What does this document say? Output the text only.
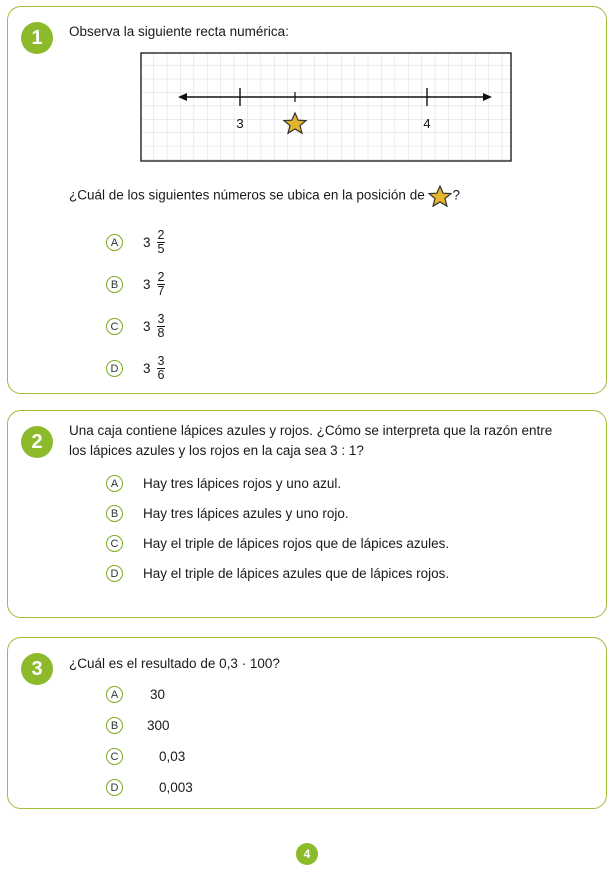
1	Observa la siguiente recta numérica:
3	4
¿Cuál de los siguientes números se ubica en la posición de ?
A	$3 \frac{2}{5}$
B	$3 \frac{2}{7}$
C	$3 \frac{3}{8}$
D	$3 \frac{3}{6}$
2	Una caja contiene lápices azules y rojos. ¿Cómo se interpreta que la razón entre
los lápices azules y los rojos en la caja sea 3 : 1?
A	Hay tres lápices rojos y uno azul.
B	Hay tres lápices azules y uno rojo.
C	Hay el triple de lápices rojos que de lápices azules.
D	Hay el triple de lápices azules que de lápices rojos.
3	¿Cuál es el resultado de 0,3 · 100?
A	30
B	300
C	0,03
D	0,003
4
